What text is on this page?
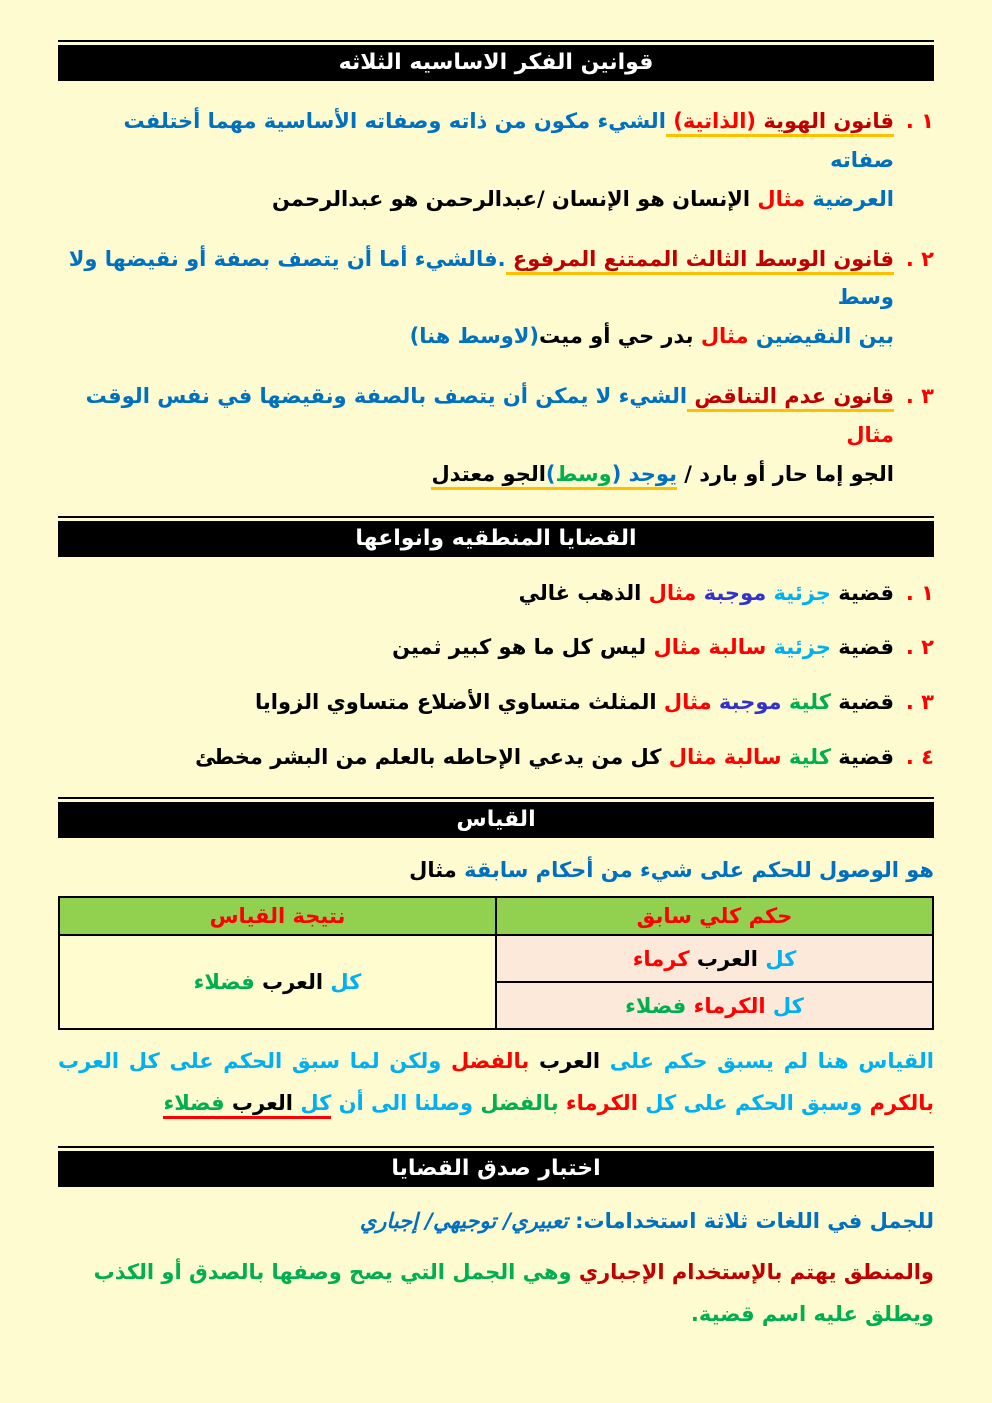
قوانين الفكر الاساسيه الثلاثه
١ .
قانون الهوية (الذاتية) الشيء مكون من ذاته وصفاته الأساسية مهما أختلفت صفاته
العرضية مثال الإنسان هو الإنسان /عبدالرحمن هو عبدالرحمن
٢ .
قانون الوسط الثالث الممتنع المرفوع .فالشيء أما أن يتصف بصفة أو نقيضها ولا وسط
بين النقيضين مثال بدر حي أو ميت(لاوسط هنا)
٣ .
قانون عدم التناقض الشيء لا يمكن أن يتصف بالصفة ونقيضها في نفس الوقت مثال
الجو إما حار أو بارد / يوجد (وسط)الجو معتدل
القضايا المنطقيه وانواعها
١ .
قضية جزئية موجبة مثال الذهب غالي
٢ .
قضية جزئية سالبة مثال ليس كل ما هو كبير ثمين
٣ .
قضية كلية موجبة مثال المثلث متساوي الأضلاع متساوي الزوايا
٤ .
قضية كلية سالبة مثال كل من يدعي الإحاطه بالعلم من البشر مخطئ
القياس
هو الوصول للحكم على شيء من أحكام سابقة مثال
حكم كلي سابق	نتيجة القياس
كل العرب كرماء	كل العرب فضلاء
كل الكرماء فضلاء	
القياس هنا لم يسبق حكم على العرب بالفضل ولكن لما سبق الحكم على كل العرب بالكرم وسبق الحكم على كل الكرماء بالفضل وصلنا الى أن كل العرب فضلاء
اختبار صدق القضايا
للجمل في اللغات ثلاثة استخدامات: تعبيري/ توجيهي/ إجباري
والمنطق يهتم بالإستخدام الإجباري وهي الجمل التي يصح وصفها بالصدق أو الكذب ويطلق عليه اسم قضية.
